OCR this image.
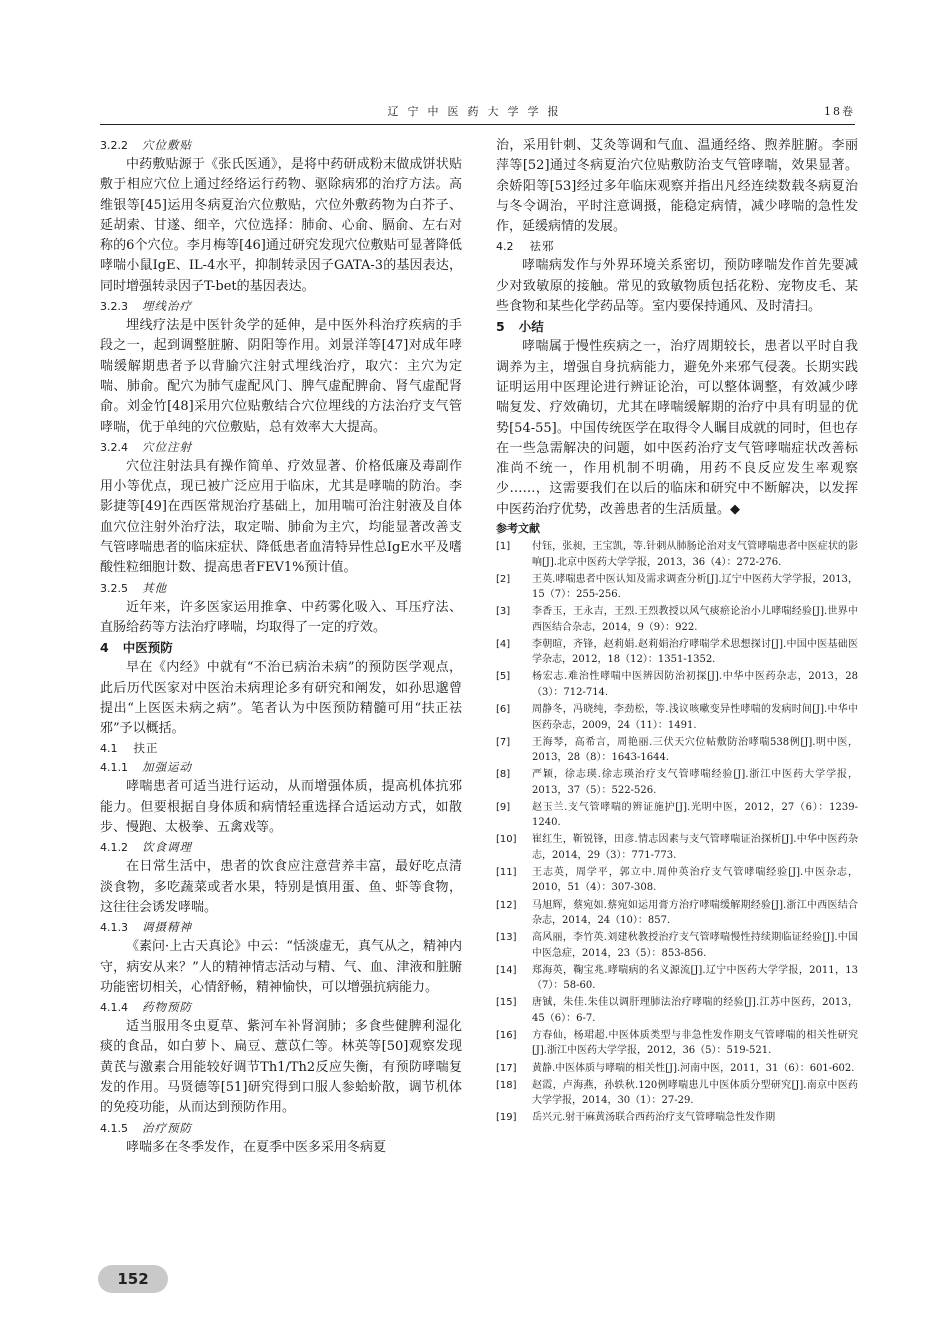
辽宁中医药大学学报	18卷
3.2.2 穴位敷贴

中药敷贴源于《张氏医通》，是将中药研成粉末做成饼状贴敷于相应穴位上通过经络运行药物、驱除病邪的治疗方法。高维银等[45]运用冬病夏治穴位敷贴，穴位外敷药物为白芥子、延胡索、甘遂、细辛，穴位选择：肺俞、心俞、膈俞、左右对称的6个穴位。李月梅等[46]通过研究发现穴位敷贴可显著降低哮喘小鼠IgE、IL-4水平，抑制转录因子GATA-3的基因表达，同时增强转录因子T-bet的基因表达。

3.2.3 埋线治疗

埋线疗法是中医针灸学的延伸，是中医外科治疗疾病的手段之一，起到调整脏腑、阴阳等作用。刘景洋等[47]对成年哮喘缓解期患者予以背腧穴注射式埋线治疗，取穴：主穴为定喘、肺俞。配穴为肺气虚配风门、脾气虚配脾俞、肾气虚配肾俞。刘金竹[48]采用穴位贴敷结合穴位埋线的方法治疗支气管哮喘，优于单纯的穴位敷贴，总有效率大大提高。

3.2.4 穴位注射

穴位注射法具有操作简单、疗效显著、价格低廉及毒副作用小等优点，现已被广泛应用于临床，尤其是哮喘的防治。李影捷等[49]在西医常规治疗基础上，加用喘可治注射液及自体血穴位注射外治疗法，取定喘、肺俞为主穴，均能显著改善支气管哮喘患者的临床症状、降低患者血清特异性总IgE水平及嗜酸性粒细胞计数、提高患者FEV1%预计值。

3.2.5 其他

近年来，许多医家运用推拿、中药雾化吸入、耳压疗法、直肠给药等方法治疗哮喘，均取得了一定的疗效。

4 中医预防

早在《内经》中就有“不治已病治未病”的预防医学观点，此后历代医家对中医治未病理论多有研究和阐发，如孙思邈曾提出“上医医未病之病”。笔者认为中医预防精髓可用“扶正祛邪”予以概括。

4.1 扶正
4.1.1 加强运动

哮喘患者可适当进行运动，从而增强体质，提高机体抗邪能力。但要根据自身体质和病情轻重选择合适运动方式，如散步、慢跑、太极拳、五禽戏等。

4.1.2 饮食调理

在日常生活中，患者的饮食应注意营养丰富，最好吃点清淡食物，多吃蔬菜或者水果，特别是慎用蛋、鱼、虾等食物，这往往会诱发哮喘。

4.1.3 调摄精神

《素问·上古天真论》中云：“恬淡虚无，真气从之，精神内守，病安从来？”人的精神情志活动与精、气、血、津液和脏腑功能密切相关，心情舒畅，精神愉快，可以增强抗病能力。

4.1.4 药物预防

适当服用冬虫夏草、紫河车补肾润肺；多食些健脾利湿化痰的食品，如白萝卜、扁豆、薏苡仁等。林英等[50]观察发现黄芪与激素合用能较好调节Th1/Th2反应失衡，有预防哮喘复发的作用。马贤德等[51]研究得到口服人参蛤蚧散，调节机体的免疫功能，从而达到预防作用。

4.1.5 治疗预防

哮喘多在冬季发作，在夏季中医多采用冬病夏

治，采用针刺、艾灸等调和气血、温通经络、煦养脏腑。李丽萍等[52]通过冬病夏治穴位贴敷防治支气管哮喘，效果显著。余娇阳等[53]经过多年临床观察并指出凡经连续数载冬病夏治与冬令调治，平时注意调摄，能稳定病情，减少哮喘的急性发作，延缓病情的发展。

4.2 祛邪

哮喘病发作与外界环境关系密切，预防哮喘发作首先要减少对致敏原的接触。常见的致敏物质包括花粉、宠物皮毛、某些食物和某些化学药品等。室内要保持通风、及时清扫。

5 小结

哮喘属于慢性疾病之一，治疗周期较长，患者以平时自我调养为主，增强自身抗病能力，避免外来邪气侵袭。长期实践证明运用中医理论进行辨证论治，可以整体调整，有效减少哮喘复发、疗效确切，尤其在哮喘缓解期的治疗中具有明显的优势[54-55]。中国传统医学在取得令人瞩目成就的同时，但也存在一些急需解决的问题，如中医药治疗支气管哮喘症状改善标准尚不统一，作用机制不明确，用药不良反应发生率观察少……，这需要我们在以后的临床和研究中不断解决，以发挥中医药治疗优势，改善患者的生活质量。◆

参考文献
[1]	付钰，张昶，王宝凯，等.针刺从肺肠论治对支气管哮喘患者中医症状的影响[J].北京中医药大学学报，2013，36（4）：272-276.
[2]	王英.哮喘患者中医认知及需求调查分析[J].辽宁中医药大学学报，2013，15（7）：255-256.
[3]	李香玉，王永吉，王烈.王烈教授以风气痰瘀论治小儿哮喘经验[J].世界中西医结合杂志，2014，9（9）：922.
[4]	李朝暄，齐锋，赵莉娟.赵莉娟治疗哮喘学术思想探讨[J].中国中医基础医学杂志，2012，18（12）：1351-1352.
[5]	杨宏志.难治性哮喘中医辨因防治初探[J].中华中医药杂志，2013，28（3）：712-714.
[6]	周静冬，冯晓纯，李劲松，等.浅议咳嗽变异性哮喘的发病时间[J].中华中医药杂志，2009，24（11）：1491.
[7]	王海琴，高希言，周艳丽.三伏天穴位帖敷防治哮喘538例[J].明中医，2013，28（8）：1643-1644.
[8]	严颖，徐志瑛.徐志瑛治疗支气管哮喘经验[J].浙江中医药大学学报，2013，37（5）：522-526.
[9]	赵玉兰.支气管哮喘的辨证施护[J].光明中医，2012，27（6）：1239-1240.
[10]	崔红生，靳锐锋，田彦.情志因素与支气管哮喘证治探析[J].中华中医药杂志，2014，29（3）：771-773.
[11]	王志英，周学平，郭立中.周仲英治疗支气管哮喘经验[J].中医杂志，2010，51（4）：307-308.
[12]	马旭辉，蔡宛如.蔡宛如运用膏方治疗哮喘缓解期经验[J].浙江中西医结合杂志，2014，24（10）：857.
[13]	高风丽，李竹英.刘建秋教授治疗支气管哮喘慢性持续期临证经验[J].中国中医急症，2014，23（5）：853-856.
[14]	郑海英，鞠宝兆.哮喘病的名义源流[J].辽宁中医药大学学报，2011，13（7）：58-60.
[15]	唐铖，朱佳.朱佳以调肝理肺法治疗哮喘的经验[J].江苏中医药，2013，45（6）：6-7.
[16]	方春仙，杨珺超.中医体质类型与非急性发作期支气管哮喘的相关性研究[J].浙江中医药大学学报，2012，36（5）：519-521.
[17]	黄静.中医体质与哮喘的相关性[J].河南中医，2011，31（6）：601-602.
[18]	赵霞，卢海燕，孙轶秋.120例哮喘患儿中医体质分型研究[J].南京中医药大学学报，2014，30（1）：27-29.
[19]	岳兴元.射干麻黄汤联合西药治疗支气管哮喘急性发作期
152
